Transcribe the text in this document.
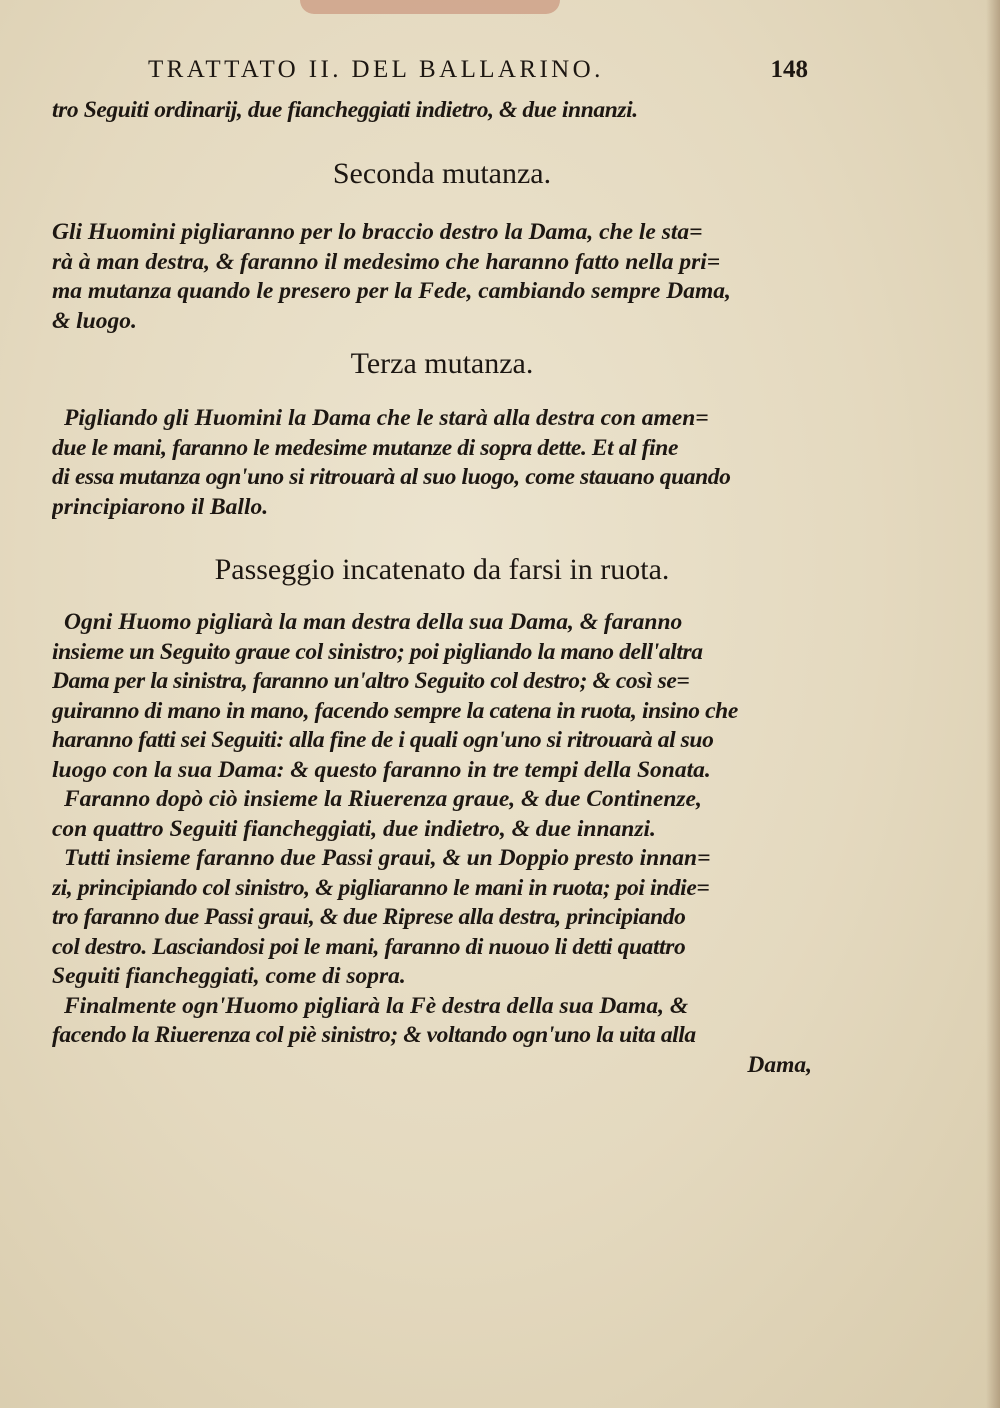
TRATTATO II. DEL BALLARINO.	148
tro Seguiti ordinarij, due fiancheggiati indietro, & due innanzi.
Seconda mutanza.
Gli Huomini pigliaranno per lo braccio destro la Dama, che le sta=
rà à man destra, & faranno il medesimo che haranno fatto nella pri=
ma mutanza quando le presero per la Fede, cambiando sempre Dama,
& luogo.
Terza mutanza.
Pigliando gli Huomini la Dama che le starà alla destra con amen=
due le mani, faranno le medesime mutanze di sopra dette. Et al fine
di essa mutanza ogn'uno si ritrouarà al suo luogo, come stauano quando
principiarono il Ballo.
Passeggio incatenato da farsi in ruota.
Ogni Huomo pigliarà la man destra della sua Dama, & faranno
insieme un Seguito graue col sinistro; poi pigliando la mano dell'altra
Dama per la sinistra, faranno un'altro Seguito col destro; & così se=
guiranno di mano in mano, facendo sempre la catena in ruota, insino che
haranno fatti sei Seguiti: alla fine de i quali ogn'uno si ritrouarà al suo
luogo con la sua Dama: & questo faranno in tre tempi della Sonata.
Faranno dopò ciò insieme la Riuerenza graue, & due Continenze,
con quattro Seguiti fiancheggiati, due indietro, & due innanzi.
Tutti insieme faranno due Passi graui, & un Doppio presto innan=
zi, principiando col sinistro, & pigliaranno le mani in ruota; poi indie=
tro faranno due Passi graui, & due Riprese alla destra, principiando
col destro. Lasciandosi poi le mani, faranno di nuouo li detti quattro
Seguiti fiancheggiati, come di sopra.
Finalmente ogn'Huomo pigliarà la Fè destra della sua Dama, &
facendo la Riuerenza col piè sinistro; & voltando ogn'uno la uita alla
Dama,
